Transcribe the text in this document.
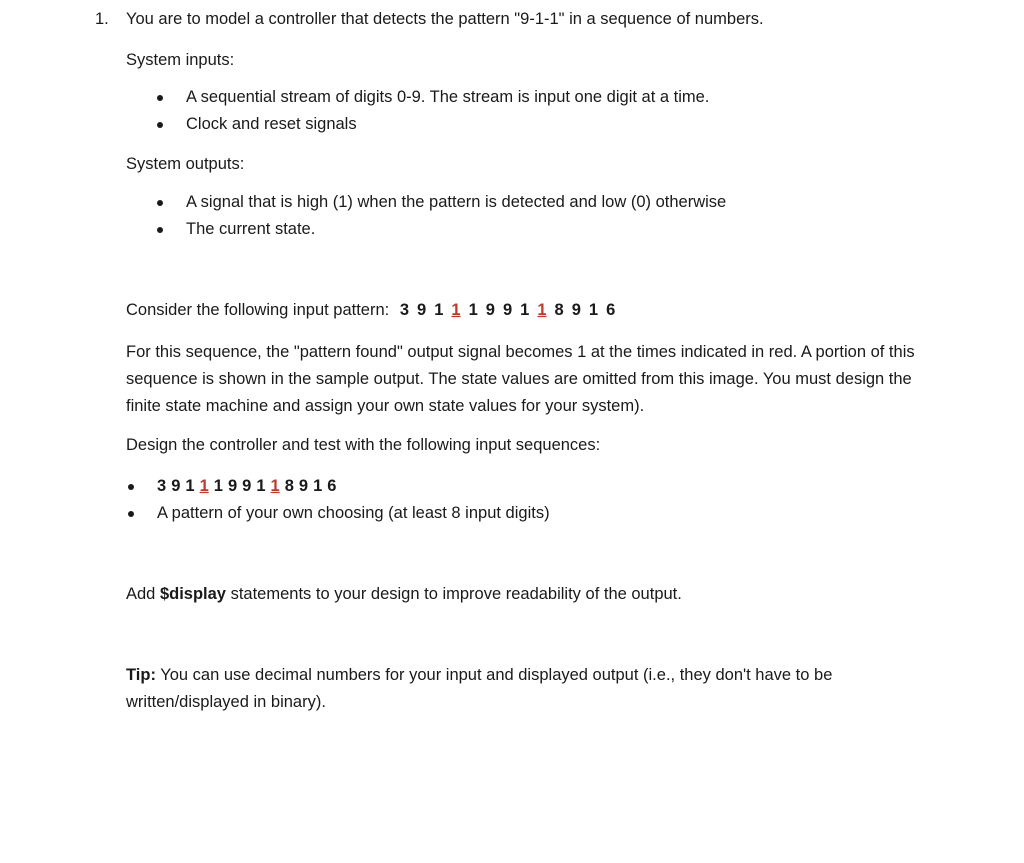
1. You are to model a controller that detects the pattern "9-1-1" in a sequence of numbers.
System inputs:
A sequential stream of digits 0-9. The stream is input one digit at a time.
Clock and reset signals
System outputs:
A signal that is high (1) when the pattern is detected and low (0) otherwise
The current state.
Consider the following input pattern: 3 9 1 1 1 9 9 1 1 8 9 1 6
For this sequence, the "pattern found" output signal becomes 1 at the times indicated in red. A portion of this sequence is shown in the sample output. The state values are omitted from this image. You must design the finite state machine and assign your own state values for your system).
Design the controller and test with the following input sequences:
3 9 1 1 1 9 9 1 1 8 9 1 6
A pattern of your own choosing (at least 8 input digits)
Add $display statements to your design to improve readability of the output.
Tip: You can use decimal numbers for your input and displayed output (i.e., they don't have to be written/displayed in binary).
